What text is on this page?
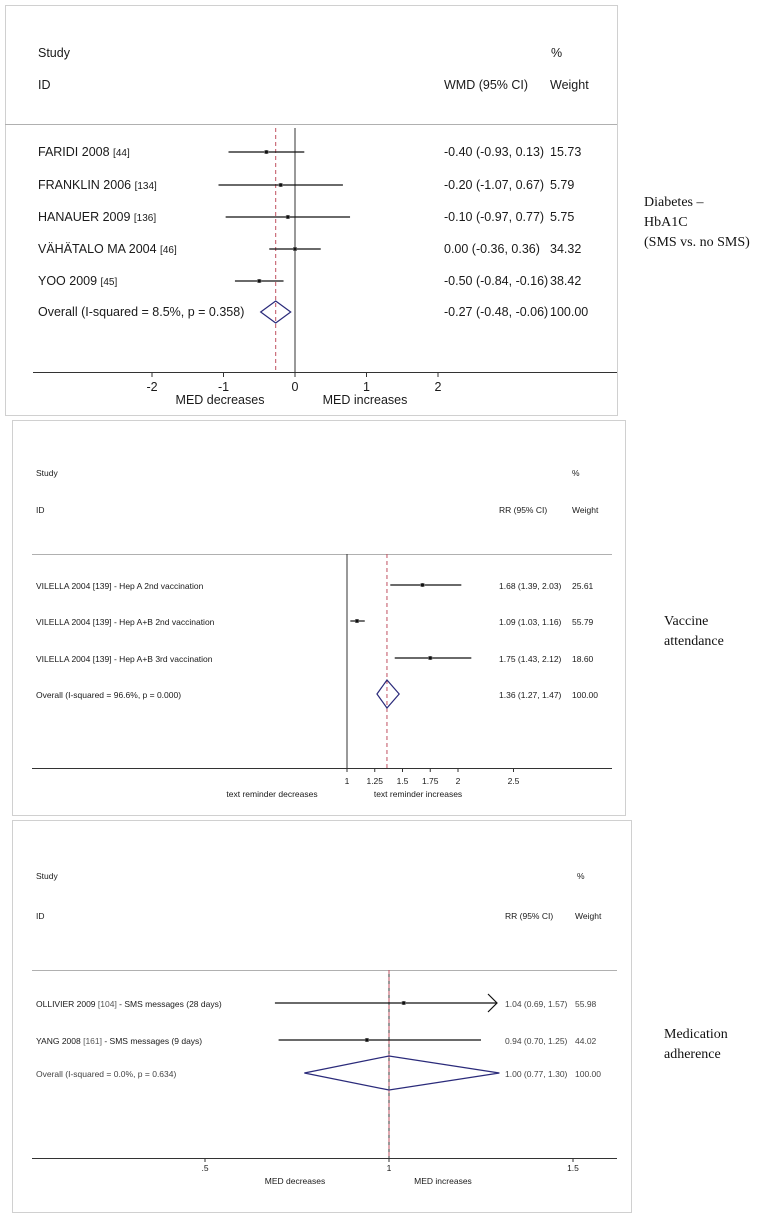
Study	%
ID	WMD (95% CI) Weight
FARIDI 2008 [44]	-0.40 (-0.93, 0.13) 15.73
FRANKLIN 2006 [134]	-0.20 (-1.07, 0.67) 5.79
HANAUER 2009 [136]	-0.10 (-0.97, 0.77) 5.75
VÄHÄTALO MA 2004 [46]	0.00 (-0.36, 0.36) 34.32
YOO 2009 [45]	-0.50 (-0.84, -0.16) 38.42
Overall (I-squared = 8.5%, p = 0.358)	-0.27 (-0.48, -0.06) 100.00
-2	-1	0	1	2
MED decreases	MED increases
Study	%
ID	RR (95% CI)	Weight
VILELLA 2004 [139] - Hep A 2nd vaccination	1.68 (1.39, 2.03) 25.61
VILELLA 2004 [139] - Hep A+B 2nd vaccination	1.09 (1.03, 1.16) 55.79
VILELLA 2004 [139] - Hep A+B 3rd vaccination	1.75 (1.43, 2.12) 18.60
Overall (I-squared = 96.6%, p = 0.000)	1.36 (1.27, 1.47) 100.00
1 1.25 1.5 1.75 2	2.5
text reminder decreases	text reminder increases
Study	%
ID	RR (95% CI)	Weight
OLLIVIER 2009 [104] - SMS messages (28 days)	1.04 (0.69, 1.57) 55.98
YANG 2008 [161] - SMS messages (9 days)	0.94 (0.70, 1.25) 44.02
Overall (I-squared = 0.0%, p = 0.634)	1.00 (0.77, 1.30) 100.00
.5	1	1.5
MED decreases	MED increases
Diabetes –
HbA1C
(SMS vs. no SMS)
Vaccine
attendance
Medication
adherence
